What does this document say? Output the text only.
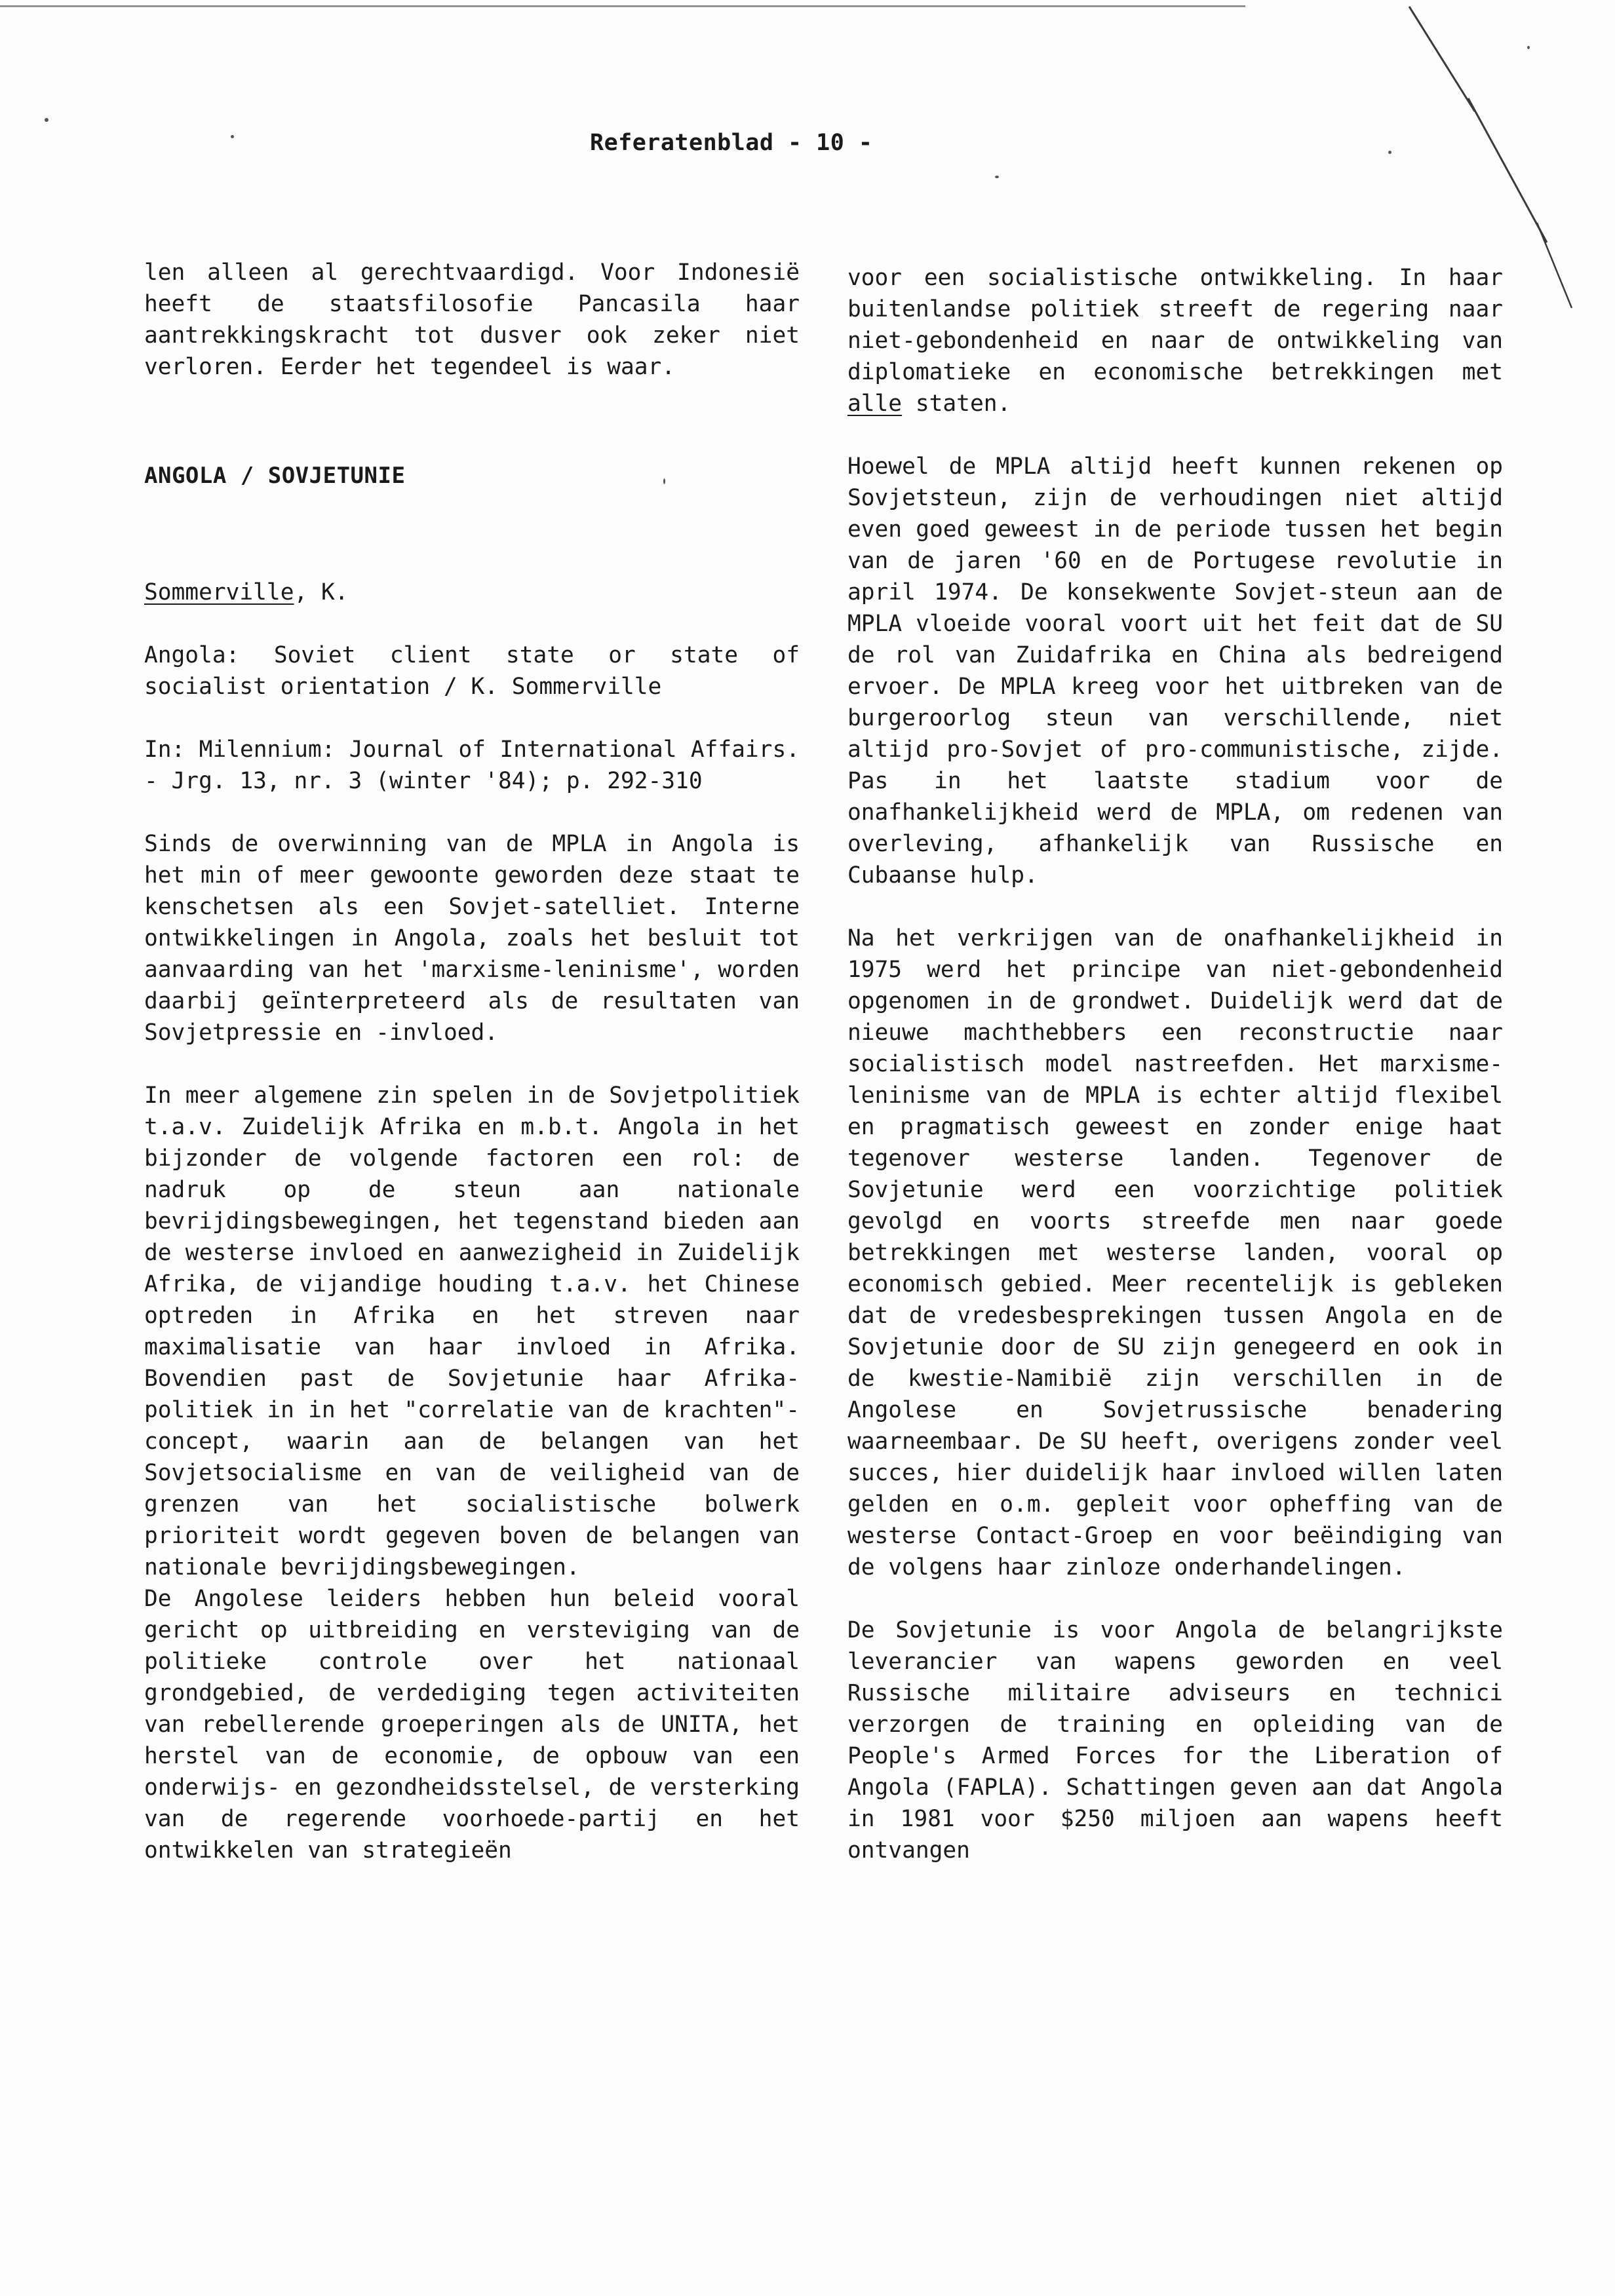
Referatenblad - 10 -

len alleen al gerechtvaardigd. Voor Indonesië heeft de staatsfilosofie Pancasila haar aantrekkingskracht tot dusver ook zeker niet verloren. Eerder het tegendeel is waar.

ANGOLA / SOVJETUNIE

Sommerville, K.

Angola: Soviet client state or state of socialist orientation / K. Sommerville

In: Milennium: Journal of International Affairs. - Jrg. 13, nr. 3 (winter '84); p. 292-310

Sinds de overwinning van de MPLA in Angola is het min of meer gewoonte geworden deze staat te kenschetsen als een Sovjet-satelliet. Interne ontwikkelingen in Angola, zoals het besluit tot aanvaarding van het 'marxisme-leninisme', worden daarbij geïnterpreteerd als de resultaten van Sovjetpressie en -invloed.

In meer algemene zin spelen in de Sovjetpolitiek t.a.v. Zuidelijk Afrika en m.b.t. Angola in het bijzonder de volgende factoren een rol: de nadruk op de steun aan nationale bevrijdingsbewegingen, het tegenstand bieden aan de westerse invloed en aanwezigheid in Zuidelijk Afrika, de vijandige houding t.a.v. het Chinese optreden in Afrika en het streven naar maximalisatie van haar invloed in Afrika. Bovendien past de Sovjetunie haar Afrika-politiek in in het "correlatie van de krachten"-concept, waarin aan de belangen van het Sovjetsocialisme en van de veiligheid van de grenzen van het socialistische bolwerk prioriteit wordt gegeven boven de belangen van nationale bevrijdingsbewegingen.

De Angolese leiders hebben hun beleid vooral gericht op uitbreiding en versteviging van de politieke controle over het nationaal grondgebied, de verdediging tegen activiteiten van rebellerende groeperingen als de UNITA, het herstel van de economie, de opbouw van een onderwijs- en gezondheidsstelsel, de versterking van de regerende voorhoede-partij en het ontwikkelen van strategieën

voor een socialistische ontwikkeling. In haar buitenlandse politiek streeft de regering naar niet-gebondenheid en naar de ontwikkeling van diplomatieke en economische betrekkingen met alle staten.

Hoewel de MPLA altijd heeft kunnen rekenen op Sovjetsteun, zijn de verhoudingen niet altijd even goed geweest in de periode tussen het begin van de jaren '60 en de Portugese revolutie in april 1974. De konsekwente Sovjet-steun aan de MPLA vloeide vooral voort uit het feit dat de SU de rol van Zuidafrika en China als bedreigend ervoer. De MPLA kreeg voor het uitbreken van de burgeroorlog steun van verschillende, niet altijd pro-Sovjet of pro-communistische, zijde. Pas in het laatste stadium voor de onafhankelijkheid werd de MPLA, om redenen van overleving, afhankelijk van Russische en Cubaanse hulp.

Na het verkrijgen van de onafhankelijkheid in 1975 werd het principe van niet-gebondenheid opgenomen in de grondwet. Duidelijk werd dat de nieuwe machthebbers een reconstructie naar socialistisch model nastreefden. Het marxisme-leninisme van de MPLA is echter altijd flexibel en pragmatisch geweest en zonder enige haat tegenover westerse landen. Tegenover de Sovjetunie werd een voorzichtige politiek gevolgd en voorts streefde men naar goede betrekkingen met westerse landen, vooral op economisch gebied. Meer recentelijk is gebleken dat de vredesbesprekingen tussen Angola en de Sovjetunie door de SU zijn genegeerd en ook in de kwestie-Namibië zijn verschillen in de Angolese en Sovjetrussische benadering waarneembaar. De SU heeft, overigens zonder veel succes, hier duidelijk haar invloed willen laten gelden en o.m. gepleit voor opheffing van de westerse Contact-Groep en voor beëindiging van de volgens haar zinloze onderhandelingen.

De Sovjetunie is voor Angola de belangrijkste leverancier van wapens geworden en veel Russische militaire adviseurs en technici verzorgen de training en opleiding van de People's Armed Forces for the Liberation of Angola (FAPLA). Schattingen geven aan dat Angola in 1981 voor $250 miljoen aan wapens heeft ontvangen
